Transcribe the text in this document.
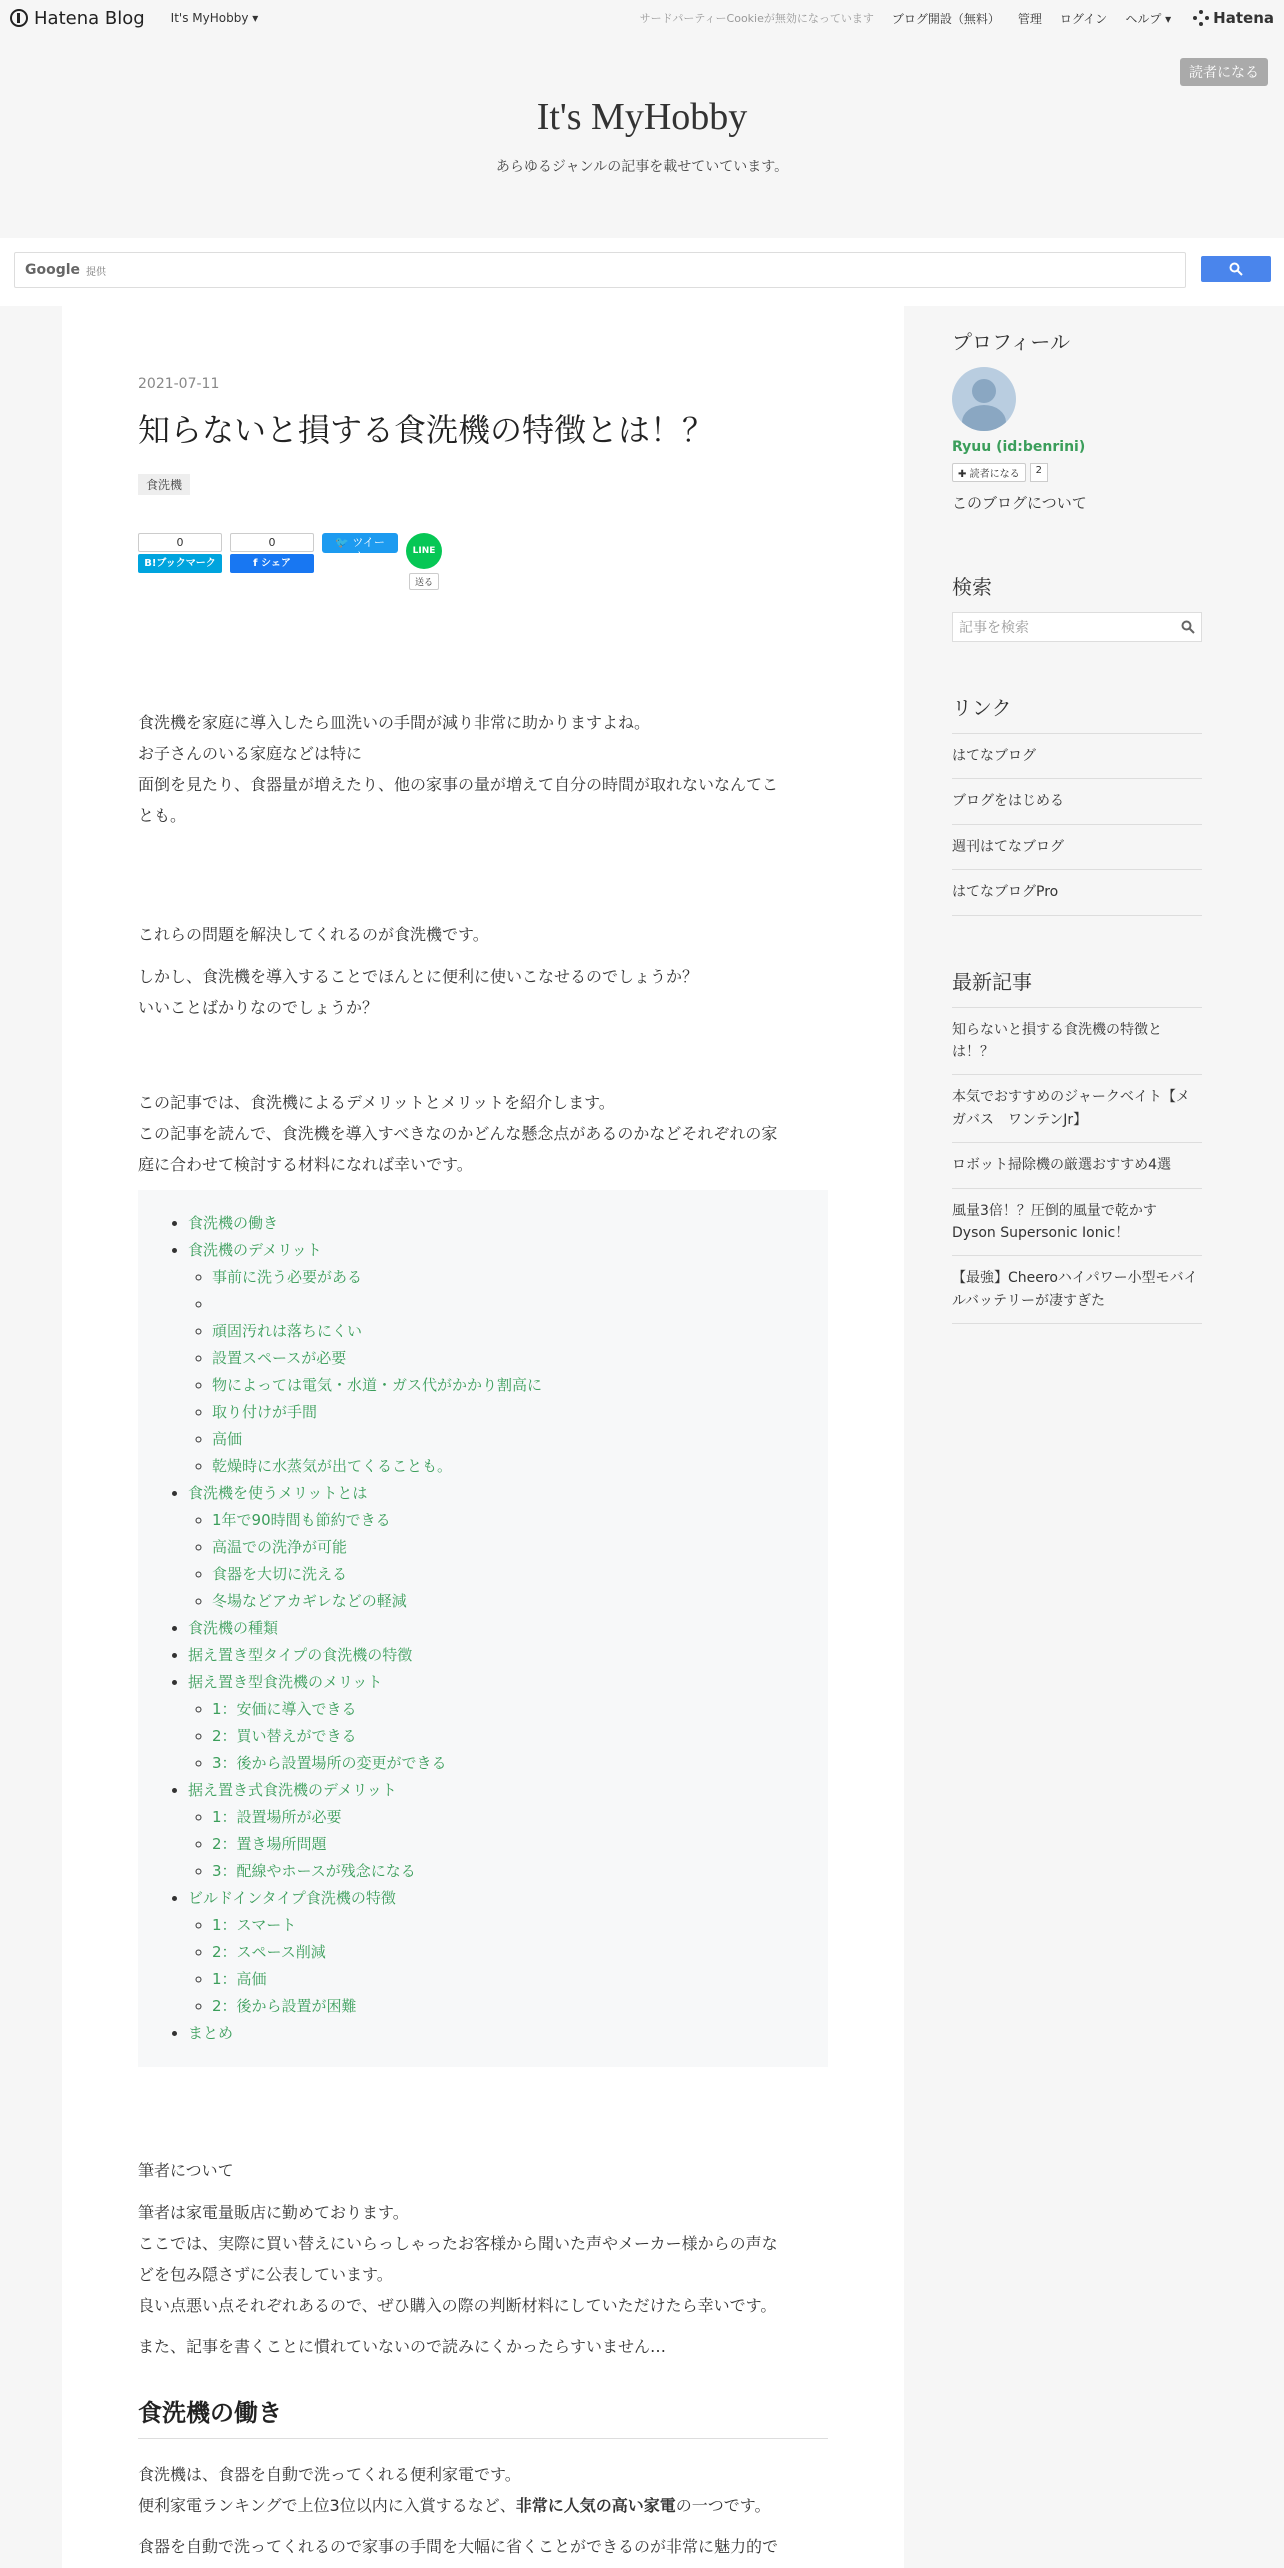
Hatena Blog It's MyHobby ▾	サードパーティーCookieが無効になっています ブログ開設（無料） 管理 ログイン ヘルプ ▾	Hatena
読者になる
It's MyHobby
あらゆるジャンルの記事を載せていています。
Google 提供
2021-07-11
知らないと損する食洗機の特徴とは！？
食洗機
0
B!ブックマーク
0
f シェア
🐦 ツイート	LINE
送る

食洗機を家庭に導入したら皿洗いの手間が減り非常に助かりますよね。

お子さんのいる家庭などは特に

面倒を見たり、食器量が増えたり、他の家事の量が増えて自分の時間が取れないなんてこ

とも。

これらの問題を解決してくれるのが食洗機です。

しかし、食洗機を導入することでほんとに便利に使いこなせるのでしょうか？

いいことばかりなのでしょうか？

この記事では、食洗機によるデメリットとメリットを紹介します。

この記事を読んで、食洗機を導入すべきなのかどんな懸念点があるのかなどそれぞれの家

庭に合わせて検討する材料になれば幸いです。

• 食洗機の働き
• 食洗機のデメリット
◦ 事前に洗う必要がある
◦
◦ 頑固汚れは落ちにくい
◦ 設置スペースが必要
◦ 物によっては電気・水道・ガス代がかかり割高に
◦ 取り付けが手間
◦ 高価
◦ 乾燥時に水蒸気が出てくることも。
• 食洗機を使うメリットとは
◦ 1年で90時間も節約できる
◦ 高温での洗浄が可能
◦ 食器を大切に洗える
◦ 冬場などアカギレなどの軽減
• 食洗機の種類
• 据え置き型タイプの食洗機の特徴
• 据え置き型食洗機のメリット
◦ 1：安価に導入できる
◦ 2：買い替えができる
◦ 3：後から設置場所の変更ができる
• 据え置き式食洗機のデメリット
◦ 1：設置場所が必要
◦ 2：置き場所問題
◦ 3：配線やホースが残念になる
• ビルドインタイプ食洗機の特徴
◦ 1：スマート
◦ 2：スペース削減
◦ 1：高価
◦ 2：後から設置が困難
• まとめ

筆者について

筆者は家電量販店に勤めております。

ここでは、実際に買い替えにいらっしゃったお客様から聞いた声やメーカー様からの声な

どを包み隠さずに公表しています。

良い点悪い点それぞれあるので、ぜひ購入の際の判断材料にしていただけたら幸いです。

また、記事を書くことに慣れていないので読みにくかったらすいません…

食洗機の働き

食洗機は、食器を自動で洗ってくれる便利家電です。

便利家電ランキングで上位3位以内に入賞するなど、非常に人気の高い家電の一つです。

食器を自動で洗ってくれるので家事の手間を大幅に省くことができるのが非常に魅力的で

プロフィール
Ryuu (id:benrini)
✚ 読者になる	2
このブログについて
検索
記事を検索
リンク
はてなブログ
ブログをはじめる
週刊はてなブログ
はてなブログPro
最新記事
知らないと損する食洗機の特徴とは！？
本気でおすすめのジャークベイト【メガバス　ワンテンJr】
ロボット掃除機の厳選おすすめ4選
風量3倍！？圧倒的風量で乾かす Dyson Supersonic Ionic！
【最強】Cheeroハイパワー小型モバイルバッテリーが凄すぎた
